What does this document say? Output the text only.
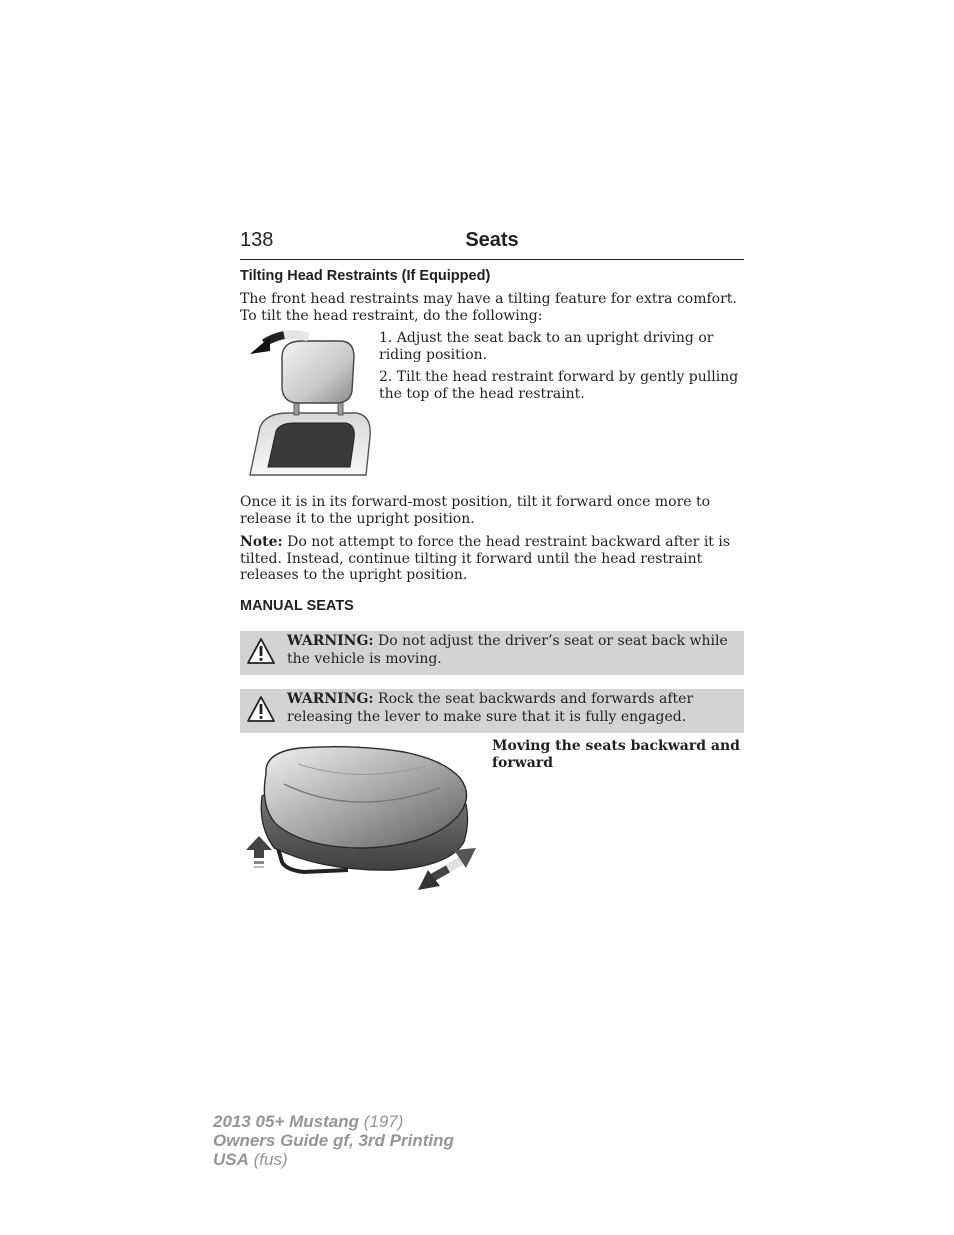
138	Seats
Tilting Head Restraints (If Equipped)

The front head restraints may have a tilting feature for extra comfort. To tilt the head restraint, do the following:

1. Adjust the seat back to an upright driving or riding position.

2. Tilt the head restraint forward by gently pulling the top of the head restraint.

Once it is in its forward-most position, tilt it forward once more to release it to the upright position.

Note: Do not attempt to force the head restraint backward after it is tilted. Instead, continue tilting it forward until the head restraint releases to the upright position.

MANUAL SEATS

WARNING: Do not adjust the driver’s seat or seat back while the vehicle is moving.

WARNING: Rock the seat backwards and forwards after releasing the lever to make sure that it is fully engaged.

Moving the seats backward and forward

2013 05+ Mustang (197)
Owners Guide gf, 3rd Printing
USA (fus)
